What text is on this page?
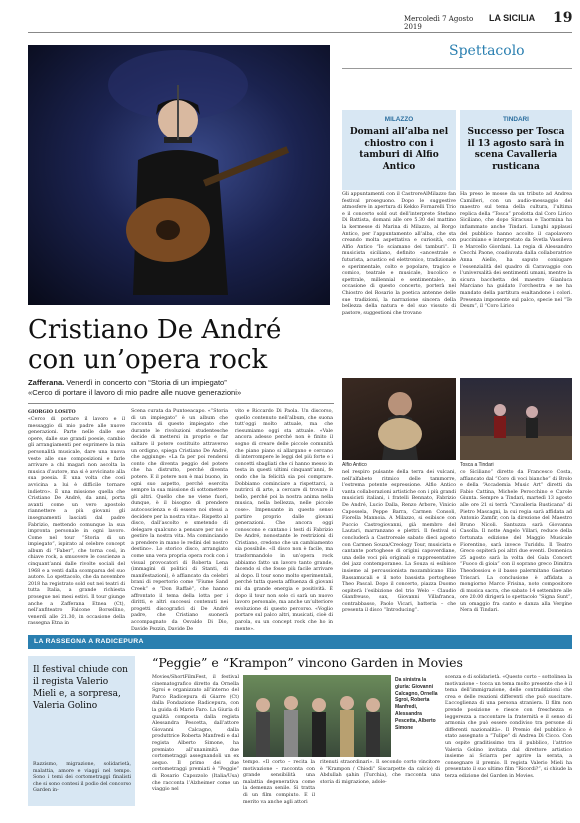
Mercoledì 7 Agosto 2019
LA SICILIA 19
Spettacolo
Cristiano De André
con un’opera rock
Zafferana. Venerdì in concerto con “Storia di un impiegato”
«Cerco di portare il lavoro di mio padre alle nuove generazioni»
GIORGIO LOSITO

«Cerco di portare il lavoro e il messaggio di mio padre alle nuove generazioni. Parte nelle dalle sue opere, dalle sue grandi poesie, cambio gli arrangiamenti per esprimere la mia personalità musicale, dare una nuova veste alle sue composizioni e farle arrivare a chi magari non ascolta la musica d’autore, ma si è avvicinato alla sua poesia. È una volta che così avvicina a lui è difficile tornare indietro». È una missione quella che Cristiano De André, da anni, porta avanti come un vero apostolo riannettere a più giovani gli insegnamenti lasciati dal padre Fabrizio, mettendo comunque la sua impronta personale in ogni lavoro. Come nel tour “Storia di un impiegato”, ispirato al celebre concept album di “Faber”, che torna così, in chiave rock, a smuovere le coscienze a cinquant’anni dalle rivolte sociali del 1968 e a venti dalla scomparsa del suo autore. Lo spettacolo, che da novembre 2018 ha registrato sold out nei teatri di tutta Italia, a grande richiesta prosegue nei mesi estivi. Il tour giunge anche a Zafferana Etnea (Ct), nell’anfiteatro Falcone Borsellino, venerdì alle 21.30, in occasione della rassegna Etna in

Scena curata da Puntoeacapo. «“Storia di un impiegato” è un album che racconta di questo impiegato che durante le rivoluzioni studentesche decide di mettersi in proprio e far saltare il potere costituito attraverso un ordigno, spiega Cristiano De André, che aggiunge: «La fa per poi rendersi conto che diventa peggio del potere che ha distrutto, perché diventa potere. E il potere non è mai buono, in ogni suo aspetto, perché esercita sempre la sua missione di sottomettere gli altri. Quello che ne viene fuori, dunque, è il bisogno di prendere autocoscienza e di essere noi stessi a decidere per la nostra vita». Rispetto al disco, dall’ascolto e smetendo di delegare qualcuno a pensare per noi e gestire la nostra vita. Ma cominciando a prendere in mano le redini del nostro destino». Lo storico disco, arrangiato come una vera propria opera rock con i visual provocatori di Roberta Lena (immagini di politici di Stanti, di manifestazioni), è affiancato da celebri brani di repertorio come “Fiume Sand Creek” e “Don Raffaè”, che hanno affrontato il tema della lotta per i diritti, e altri successi contenuti nei progetti discografici di De André padre, che Cristiano suonerà accompagnato da Osvaldo Di Dio, Davide Pezzin, Davide De

vito e Riccardo Di Paola. Un discorso, quello contenuto nell’album, che suona tutt’oggi molto attuale, ma che riesumiamo oggi sta attuale. «Vale ancora adesso perché non è finito il sogno di creare delle piccole comunità che piano piano si allargano e cercano di interrompere le leggi del più forte e i concetti sbagliati che ci hanno messo in testa in questi ultimi cinquant’anni, fe ondo che la felicità sia poi comprare. Dobbiamo cominciare a rispettarci, a nutrirci di arte, a cercare di trovare il bello, perché poi la nostra anima nella musica, nella bellezza, nelle piccole cose». Impensante in questo senso partire proprio dalle giovani generazioni. Che ancora oggi conoscono e cantano i testi di Fabrizio De André, nonostante le restrizioni di Cristiano, credono che un cambiamento sia possibile. «Il disco non è facile, ma trasformandolo in un’opera rock abbiamo fatto un lavoro tanto grande, facendo sì che fosse più facile arrivare al dopo. Il tour sono molto sperimentali, perché tutta questa affluenza di giovani mi da grande energia e positività. È dopo il tour non solo ci sarà un nuovo lavoro personale, ma anche un’ulteriore evoluzione di questo percorso. «Voglio portare sul palco altri, musicati, cioè di parola, su un concept rock che ho in mente».

MILAZZO
Domani all’alba nel chiostro con i tamburi di Alfio Antico

Gli appuntamenti con il CastroreAlMilazzo fan festival proseguono. Dopo le suggestive atmosfere in apertura di Kekko Fornarelli Trio e il concerto sold out dell’interprete Stefano Di Battista, domani alle ore 5.30 del mattino la kermesse di Marina di Milazzo, al Borgo Antico, per l’appuntamento all’alba, che sta creando molta aspettativa e curiosità, con Alfio Antico “Io sciamano dei tamburi”. Il musicista siciliano, definito «ancestrale e futurista, acustico ed elettronico, tradizionale e sperimentale, colto e popolare, tragico e comico, teatrale e musicale, bucolico e spettrale, millennial e sentimentale», in occasione di questo concerto, porterà nel Chiostro del Rosario la poetica antenne delle sue tradizioni, la narrazione sincera della bellezza della natura e del suo vissuto di pastore, suggestioni che trovano

TINDARI
Successo per Tosca il 13 agosto sarà in scena Cavalleria rusticana

Ha preso le mosse da un tributo ad Andrea Camilleri, con un audio-messaggio del maestro sul tema della cultura, l’ultima replica della “Tosca” prodotta dal Coro Lirico Siciliano, che dopo Siracusa e Taormina ha infiammato anche Tindari. Lunghi applausi del pubblico hanno accolto il capolavoro pucciniano e interpretato da Svetla Vassileva e Marcello Giordani. La regia di Alessandro Cecchi Paone, coadiuvata dalla collaboratrice Anna Aiello, ha saputo coniugare l’essenzialità del quadro di Caravaggio con l’universalità dei sentimenti umani, mentre la sicura bacchetta del maestro Gianluca Marciano ha guidato l’orchestra e ne ha mandato della partitura esaltandone i colori. Presenza imponente sul palco, specie nel “Te Deum”, il “Coro Lirico

Alfio Antico

nel respiro pulsante della terra dei vulcani, nell’alfabeto ritmico delle tammorre, l’estrema potente espressione. Alfio Antico vanta collaborazioni artistiche con i più grandi musicisti italiani, i fratelli Bennato, Fabrizio De André, Lucio Dalla, Renzo Arbore, Vinicio Capossela, Peppe Barra, Carmen Consoli, Fiorella Mannoia. A Milazzo, si esibisce con Puccio Castrogiovanni, già membro del Lautari, marranzano e plettri. Il festival si concluderà a Castroreale sabato dieci agosto con Carmen Souza/Creology Tour, musicista e cantante portoghese di origini capoverdiane, una delle voci più originali e rappresentative del jazz contemporaneo. La Souza si esibisce insieme al percussionista mozambicano Elio Rassamucali e il noto bassista portoghese Theo Pascal. Dopo il concerto, piazza Duomo ospiterà l’esibizione del trio Welo – Claudio Gianfreuso, sax, Giovanni Villafranca, contrabbasso, Paolo Vicari, batteria – che presenta il disco “Introducing”.

Tosca a Tindari

co Siciliano” diretto da Francesco Costa, affiancato dal “Coro di voci bianche” di Brolo e della “Accademia Music Art” diretti da Fabio Cattina, Michele Perocchino e Carole Giunta. Sempre a Tindari, martedì 13 agosto alle ore 21 si terrà “Cavalleria Rusticana” di Pietro Mascagni, la cui regia sarà affidata ad Antonio Zamfir, con la direzione del Maestro Bruno Nicoli. Santuzza sarà Giovanna Casolla. Il notte Angelo Villari, reduce della fortunata edizione del Maggio Musicale Fiorentino, sarà invece Turiddu. Il Teatro Greco ospiterà poi altri due eventi. Domenica 25 agosto sarà la volta del Gala Concert “Fuoco di gioia” con il soprano greco Dimitra Theodossiou e il basso palermitano Gaetano Triscari. La conclusione è affidata a mongiorno Marco Frisina, noto compositore di musica sacra, che sabato 14 settembre alle ore 20.00 dirigerà lo spettacolo “Signa Sunt”, un omaggio fra canto e danza alla Vergine Nera di Tindari.

LA RASSEGNA A RADICEPURA
Il festival chiude con il regista Valerio Mieli e, a sorpresa, Valeria Golino

Razzismo, migrazione, solidarietà, malattia, amore e viaggi nel tempo. Sono i temi dei cortometraggi finalisti che si sono contesi il podio del concorso Garden in-

“Peggie” e “Krampon” vincono Garden in Movies

Movies/ShortFilmFest, il festival cinematografico diretto da Ornella Sgroi e organizzato all’interno del Parco Radicepura di Giarre (Ct) dalla Fondazione Radicepura, con la guida di Mario Faro. La Giuria di qualità composta dalla regista Alessandra Pescetta, dall’attore Giovanni Calcagno, dalla produttrice Roberta Manfredi e dal regista Alberto Simone, ha premiato all’unanimità due cortometraggi assegnandoli un ex aequo. Il primo dei due cortometraggi premiati è “Peggie” di Rosario Capozzolo (Italia/Usa) che racconta l’Alzheimer come un viaggio nel

Da sinistra la giuria: Giovanni Calcagno, Ornella Sgroi, Roberta Manfredi, Alessandra Pescetta, Alberto Simone

tempo. «Il corto – recita la motivazione – racconta con grande sensibilità una malattia degenerativa come la demenza senile. Si tratta di un film compiuto. E il merito va anche agli attori

ritenuti straordinari». Il secondo corto vincitore è “Krampon / Chiodi” Siscarpette da calcio) di Abdullah şahin (Turchia), che racconta una storia di migrazione, adole-

scenza e di solidarietà. «Questo corto – sottolinea la motivazione – tocca un tema molto presente che è il tema dell’immigrazione, delle contraddizioni che crea e delle reazioni differenti che può suscitare. L’accoglienza di una persona straniera. Il film non prende posizione e riesce con freschezza e leggerezza a raccontare la fraternità e il senso di armonia che può essere condiviso tra persone di differenti nazionalità». Il Premio del pubblico è stato assegnato a “Tulipe” di Andrea Di Cicco. Con un ospite graditissimo tra il pubblico, l’attrice Valeria Golino invitata dal direttore artistico insieme ai Sciarra per aprire la serata, a consegnare il premio. Il regista Valerio Mieli ha presentato il suo ultimo film “Ricordi?”, si chiude la terza edizione del Garden in Movies.
